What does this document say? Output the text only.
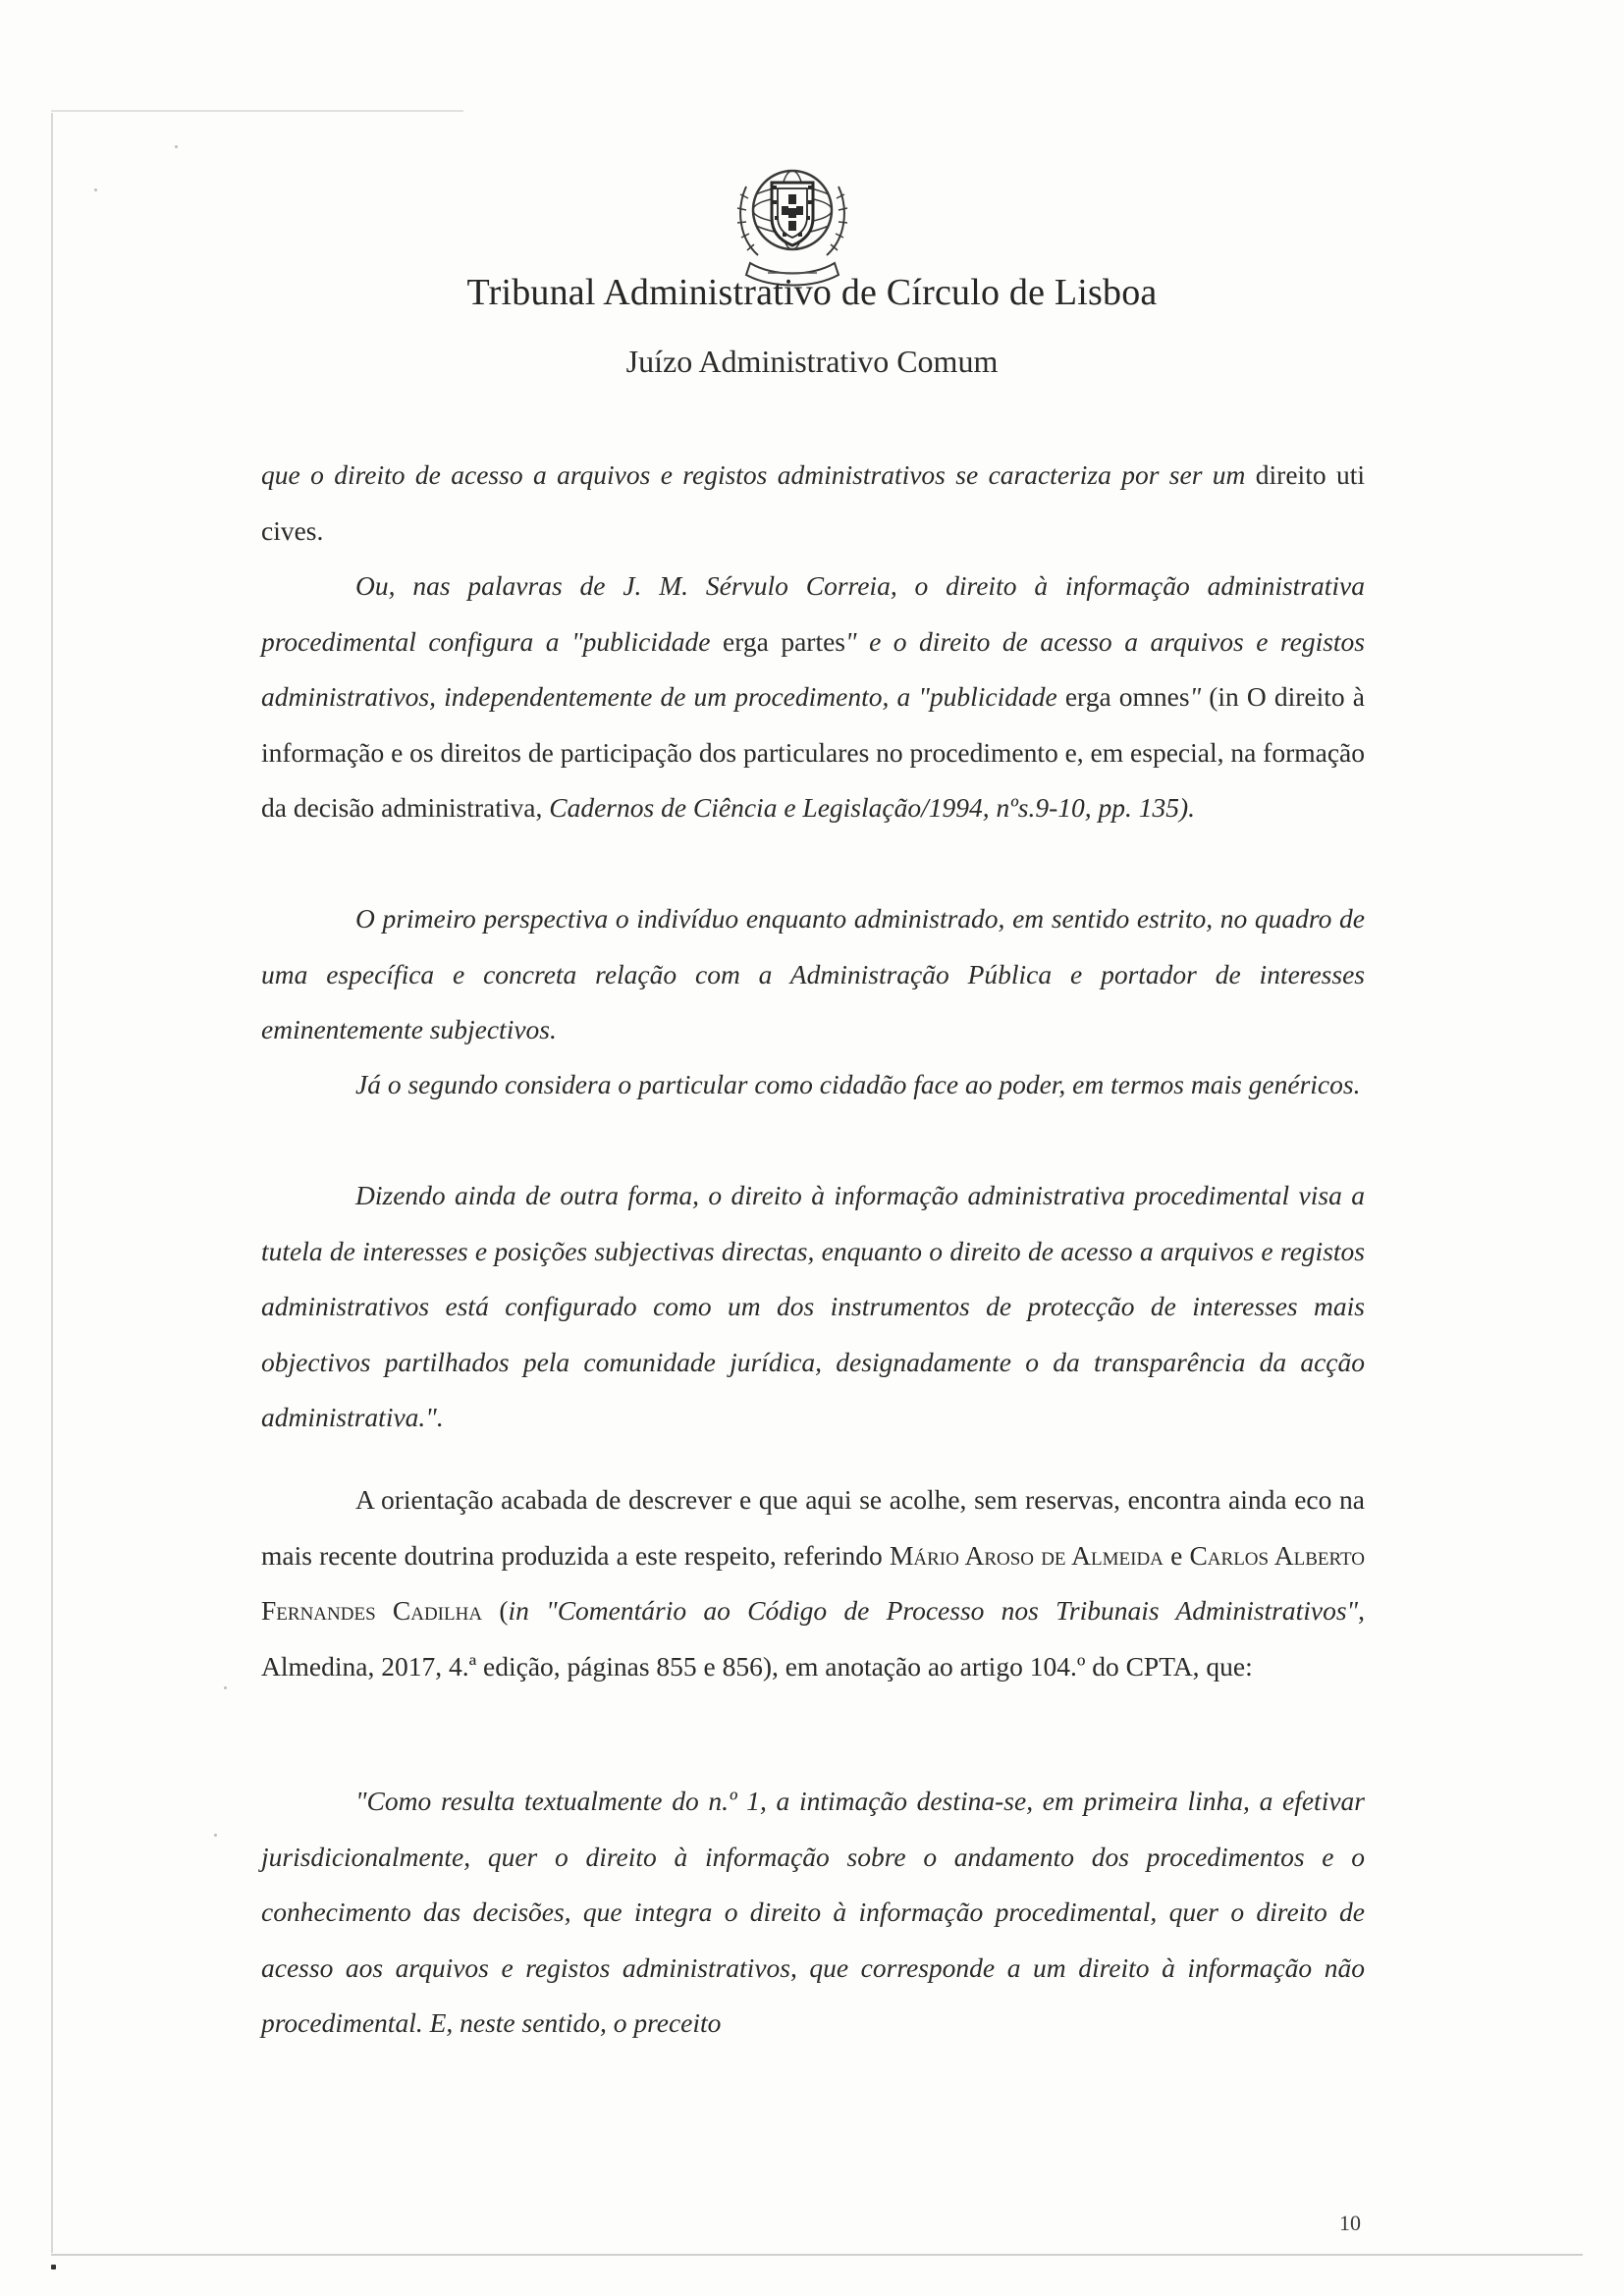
Tribunal Administrativo de Círculo de Lisboa
Juízo Administrativo Comum

que o direito de acesso a arquivos e registos administrativos se caracteriza por ser um direito uti cives.

Ou, nas palavras de J. M. Sérvulo Correia, o direito à informação administrativa procedimental configura a "publicidade erga partes" e o direito de acesso a arquivos e registos administrativos, independentemente de um procedimento, a "publicidade erga omnes" (in O direito à informação e os direitos de participação dos particulares no procedimento e, em especial, na formação da decisão administrativa, Cadernos de Ciência e Legislação/1994, nºs.9-10, pp. 135).

O primeiro perspectiva o indivíduo enquanto administrado, em sentido estrito, no quadro de uma específica e concreta relação com a Administração Pública e portador de interesses eminentemente subjectivos.

Já o segundo considera o particular como cidadão face ao poder, em termos mais genéricos.

Dizendo ainda de outra forma, o direito à informação administrativa procedimental visa a tutela de interesses e posições subjectivas directas, enquanto o direito de acesso a arquivos e registos administrativos está configurado como um dos instrumentos de protecção de interesses mais objectivos partilhados pela comunidade jurídica, designadamente o da transparência da acção administrativa.".

A orientação acabada de descrever e que aqui se acolhe, sem reservas, encontra ainda eco na mais recente doutrina produzida a este respeito, referindo Mário Aroso de Almeida e Carlos Alberto Fernandes Cadilha (in "Comentário ao Código de Processo nos Tribunais Administrativos", Almedina, 2017, 4.ª edição, páginas 855 e 856), em anotação ao artigo 104.º do CPTA, que:

"Como resulta textualmente do n.º 1, a intimação destina-se, em primeira linha, a efetivar jurisdicionalmente, quer o direito à informação sobre o andamento dos procedimentos e o conhecimento das decisões, que integra o direito à informação procedimental, quer o direito de acesso aos arquivos e registos administrativos, que corresponde a um direito à informação não procedimental. E, neste sentido, o preceito

10
